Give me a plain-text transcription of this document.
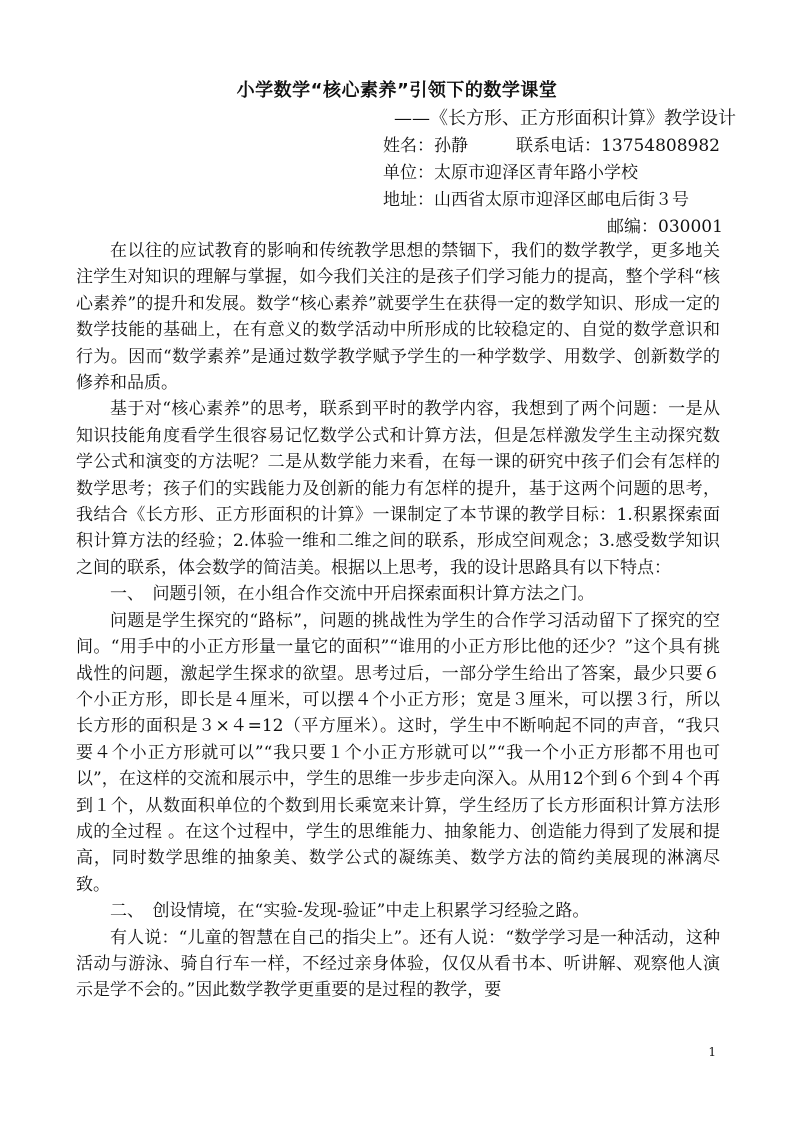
小学数学“核心素养”引领下的数学课堂
——《长方形、正方形面积计算》教学设计
姓名：孙静	联系电话：13754808982
单位：太原市迎泽区青年路小学校
地址：山西省太原市迎泽区邮电后街３号
邮编：030001

在以往的应试教育的影响和传统教学思想的禁锢下，我们的数学教学，更多地关注学生对知识的理解与掌握，如今我们关注的是孩子们学习能力的提高，整个学科“核心素养”的提升和发展。数学“核心素养”就要学生在获得一定的数学知识、形成一定的数学技能的基础上，在有意义的数学活动中所形成的比较稳定的、自觉的数学意识和行为。因而“数学素养”是通过数学教学赋予学生的一种学数学、用数学、创新数学的修养和品质。

基于对“核心素养”的思考，联系到平时的教学内容，我想到了两个问题：一是从知识技能角度看学生很容易记忆数学公式和计算方法，但是怎样激发学生主动探究数学公式和演变的方法呢？二是从数学能力来看，在每一课的研究中孩子们会有怎样的数学思考；孩子们的实践能力及创新的能力有怎样的提升，基于这两个问题的思考，我结合《长方形、正方形面积的计算》一课制定了本节课的教学目标：1.积累探索面积计算方法的经验；2.体验一维和二维之间的联系，形成空间观念；3.感受数学知识之间的联系，体会数学的简洁美。根据以上思考，我的设计思路具有以下特点：

一、　问题引领，在小组合作交流中开启探索面积计算方法之门。

问题是学生探究的“路标”，问题的挑战性为学生的合作学习活动留下了探究的空间。“用手中的小正方形量一量它的面积”“谁用的小正方形比他的还少？”这个具有挑战性的问题，激起学生探求的欲望。思考过后，一部分学生给出了答案，最少只要６个小正方形，即长是４厘米，可以摆４个小正方形；宽是３厘米，可以摆３行，所以长方形的面积是３×４=12（平方厘米）。这时，学生中不断响起不同的声音，“我只要４个小正方形就可以”“我只要１个小正方形就可以”“我一个小正方形都不用也可以”，在这样的交流和展示中，学生的思维一步步走向深入。从用12个到６个到４个再到１个，从数面积单位的个数到用长乘宽来计算，学生经历了长方形面积计算方法形成的全过程 。在这个过程中，学生的思维能力、抽象能力、创造能力得到了发展和提高，同时数学思维的抽象美、数学公式的凝练美、数学方法的简约美展现的淋漓尽致。

二、　创设情境，在“实验-发现-验证”中走上积累学习经验之路。

有人说：“儿童的智慧在自己的指尖上”。还有人说：“数学学习是一种活动，这种活动与游泳、骑自行车一样，不经过亲身体验，仅仅从看书本、听讲解、观察他人演示是学不会的。”因此数学教学更重要的是过程的教学，要

1
